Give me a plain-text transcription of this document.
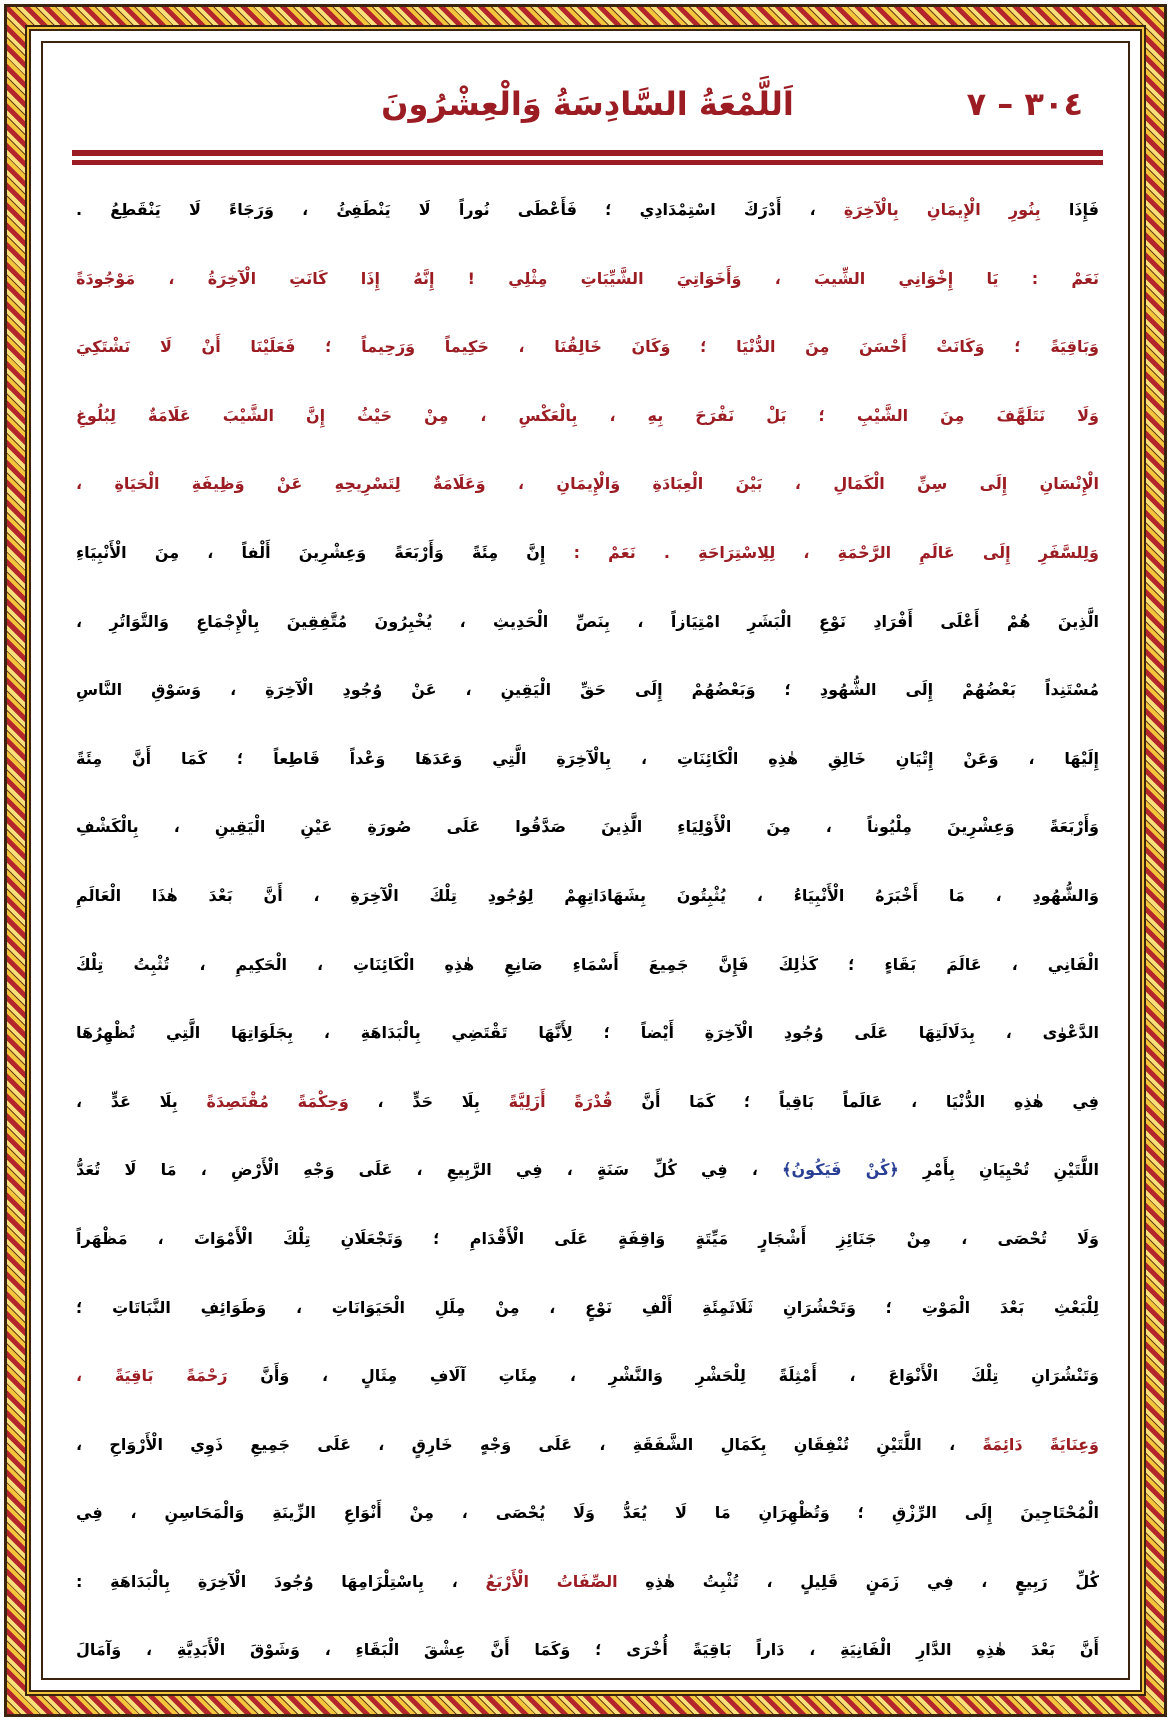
٣٠٤ – ٧
اَللَّمْعَةُ السَّادِسَةُ وَالْعِشْرُونَ
فَإِذَا بِنُورِ الْإِيمَانِ بِالْآخِرَةِ ، أَدْرَكَ اسْتِمْدَادِي ؛ فَأَعْطَى نُوراً لَا يَنْطَفِئُ ، وَرَجَاءً لَا يَنْقَطِعُ .
نَعَمْ : يَا إِخْوَانِي الشِّيبَ ، وَأَخَوَاتِيَ الشَّيِّبَاتِ مِثْلِي ! إِنَّهُ إِذَا كَانَتِ الْآخِرَةُ ، مَوْجُودَةً
وَبَاقِيَةً ؛ وَكَانَتْ أَحْسَنَ مِنَ الدُّنْيَا ؛ وَكَانَ خَالِقُنَا ، حَكِيماً وَرَحِيماً ؛ فَعَلَيْنَا أَنْ لَا نَشْتَكِيَ
وَلَا نَتَلَهَّفَ مِنَ الشَّيْبِ ؛ بَلْ نَفْرَحَ بِهِ ، بِالْعَكْسِ ، مِنْ حَيْثُ إِنَّ الشَّيْبَ عَلَامَةٌ لِبُلُوغِ
الْإِنْسَانِ إِلَى سِنِّ الْكَمَالِ ، بَيْنَ الْعِبَادَةِ وَالْإِيمَانِ ، وَعَلَامَةٌ لِتَسْرِيحِهِ عَنْ وَظِيفَةِ الْحَيَاةِ ،
وَلِلسَّفَرِ إِلَى عَالَمِ الرَّحْمَةِ ، لِلِاسْتِرَاحَةِ . نَعَمْ : إِنَّ مِئَةً وَأَرْبَعَةً وَعِشْرِينَ أَلْفاً ، مِنَ الْأَنْبِيَاءِ
الَّذِينَ هُمْ أَعْلَى أَفْرَادِ نَوْعِ الْبَشَرِ امْتِيَازاً ، بِنَصِّ الْحَدِيثِ ، يُخْبِرُونَ مُتَّفِقِينَ بِالْإِجْمَاعِ وَالتَّوَاتُرِ ،
مُسْتَنِداً بَعْضُهُمْ إِلَى الشُّهُودِ ؛ وَبَعْضُهُمْ إِلَى حَقِّ الْيَقِينِ ، عَنْ وُجُودِ الْآخِرَةِ ، وَسَوْقِ النَّاسِ
إِلَيْهَا ، وَعَنْ إِتْيَانِ خَالِقِ هٰذِهِ الْكَائِنَاتِ ، بِالْآخِرَةِ الَّتِي وَعَدَهَا وَعْداً قَاطِعاً ؛ كَمَا أَنَّ مِئَةً
وَأَرْبَعَةً وَعِشْرِينَ مِلْيُوناً ، مِنَ الْأَوْلِيَاءِ الَّذِينَ صَدَّقُوا عَلَى صُورَةِ عَيْنِ الْيَقِينِ ، بِالْكَشْفِ
وَالشُّهُودِ ، مَا أَخْبَرَهُ الْأَنْبِيَاءُ ، يُثْبِتُونَ بِشَهَادَاتِهِمْ لِوُجُودِ تِلْكَ الْآخِرَةِ ، أَنَّ بَعْدَ هٰذَا الْعَالَمِ
الْفَانِي ، عَالَمَ بَقَاءٍ ؛ كَذٰلِكَ فَإِنَّ جَمِيعَ أَسْمَاءِ صَانِعِ هٰذِهِ الْكَائِنَاتِ ، الْحَكِيمِ ، تُثْبِتُ تِلْكَ
الدَّعْوٰى ، بِدَلَالَتِهَا عَلَى وُجُودِ الْآخِرَةِ أَيْضاً ؛ لِأَنَّهَا تَقْتَضِي بِالْبَدَاهَةِ ، بِجَلَوَاتِهَا الَّتِي تُظْهِرُهَا
فِي هٰذِهِ الدُّنْيَا ، عَالَماً بَاقِياً ؛ كَمَا أَنَّ قُدْرَةً أَزَلِيَّةً بِلَا حَدٍّ ، وَحِكْمَةً مُقْتَصِدَةً بِلَا عَدٍّ ،
اللَّتَيْنِ تُحْيِيَانِ بِأَمْرِ ﴿كُنْ فَيَكُونُ﴾ ، فِي كُلِّ سَنَةٍ ، فِي الرَّبِيعِ ، عَلَى وَجْهِ الْأَرْضِ ، مَا لَا تُعَدُّ
وَلَا تُحْصَى ، مِنْ جَنَائِزِ أَشْجَارٍ مَيِّتَةٍ وَاقِفَةٍ عَلَى الْأَقْدَامِ ؛ وَتَجْعَلَانِ تِلْكَ الْأَمْوَاتَ ، مَظْهَراً
لِلْبَعْثِ بَعْدَ الْمَوْتِ ؛ وَتَحْشُرَانِ ثَلَاثَمِئَةِ أَلْفِ نَوْعٍ ، مِنْ مِلَلِ الْحَيَوَانَاتِ ، وَطَوَائِفِ النَّبَاتَاتِ ؛
وَتَنْشُرَانِ تِلْكَ الْأَنْوَاعَ ، أَمْثِلَةً لِلْحَشْرِ وَالنَّشْرِ ، مِئَاتِ آلَافِ مِثَالٍ ، وَأَنَّ رَحْمَةً بَاقِيَةً ،
وَعِنَايَةً دَائِمَةً ، اللَّتَيْنِ تُنْفِقَانِ بِكَمَالِ الشَّفَقَةِ ، عَلَى وَجْهٍ خَارِقٍ ، عَلَى جَمِيعِ ذَوِي الْأَرْوَاحِ ،
الْمُحْتَاجِينَ إِلَى الرِّزْقِ ؛ وَتُظْهِرَانِ مَا لَا يُعَدُّ وَلَا يُحْصَى ، مِنْ أَنْوَاعِ الزِّينَةِ وَالْمَحَاسِنِ ، فِي
كُلِّ رَبِيعٍ ، فِي زَمَنٍ قَلِيلٍ ، تُثْبِتُ هٰذِهِ الصِّفَاتُ الْأَرْبَعُ ، بِاسْتِلْزَامِهَا وُجُودَ الْآخِرَةِ بِالْبَدَاهَةِ :
أَنَّ بَعْدَ هٰذِهِ الدَّارِ الْفَانِيَةِ ، دَاراً بَاقِيَةً أُخْرَى ؛ وَكَمَا أَنَّ عِشْقَ الْبَقَاءِ ، وَشَوْقَ الْأَبَدِيَّةِ ، وَآمَالَ
